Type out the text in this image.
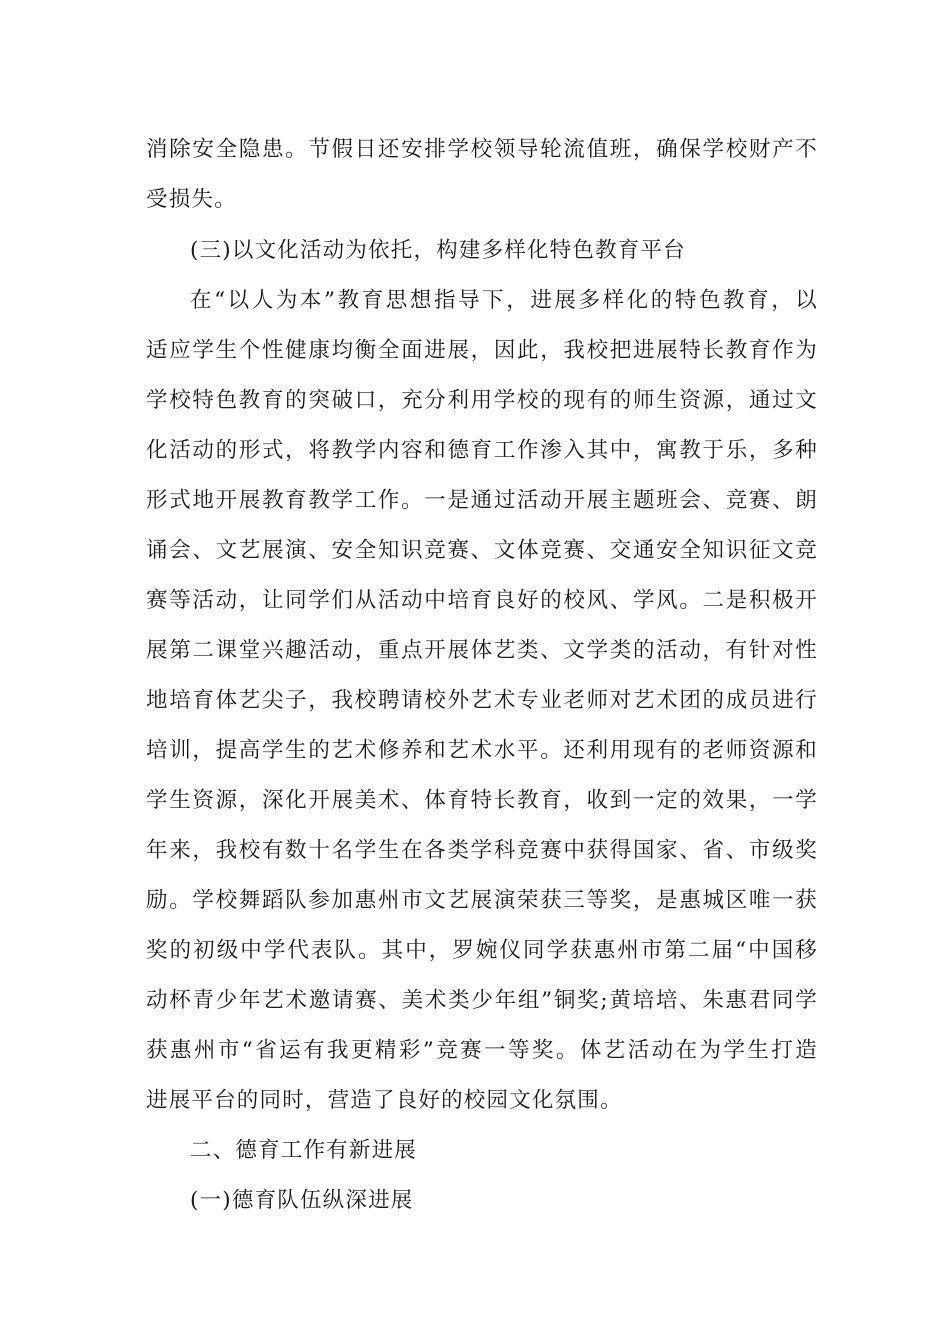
消除安全隐患。节假日还安排学校领导轮流值班，确保学校财产不
受损失。
(三)以文化活动为依托，构建多样化特色教育平台
在“以人为本”教育思想指导下，进展多样化的特色教育，以
适应学生个性健康均衡全面进展，因此，我校把进展特长教育作为
学校特色教育的突破口，充分利用学校的现有的师生资源，通过文
化活动的形式，将教学内容和德育工作渗入其中，寓教于乐，多种
形式地开展教育教学工作。一是通过活动开展主题班会、竞赛、朗
诵会、文艺展演、安全知识竞赛、文体竞赛、交通安全知识征文竞
赛等活动，让同学们从活动中培育良好的校风、学风。二是积极开
展第二课堂兴趣活动，重点开展体艺类、文学类的活动，有针对性
地培育体艺尖子，我校聘请校外艺术专业老师对艺术团的成员进行
培训，提高学生的艺术修养和艺术水平。还利用现有的老师资源和
学生资源，深化开展美术、体育特长教育，收到一定的效果，一学
年来，我校有数十名学生在各类学科竞赛中获得国家、省、市级奖
励。学校舞蹈队参加惠州市文艺展演荣获三等奖，是惠城区唯一获
奖的初级中学代表队。其中，罗婉仪同学获惠州市第二届“中国移
动杯青少年艺术邀请赛、美术类少年组”铜奖;黄培培、朱惠君同学
获惠州市“省运有我更精彩”竞赛一等奖。体艺活动在为学生打造
进展平台的同时，营造了良好的校园文化氛围。
二、德育工作有新进展
(一)德育队伍纵深进展
